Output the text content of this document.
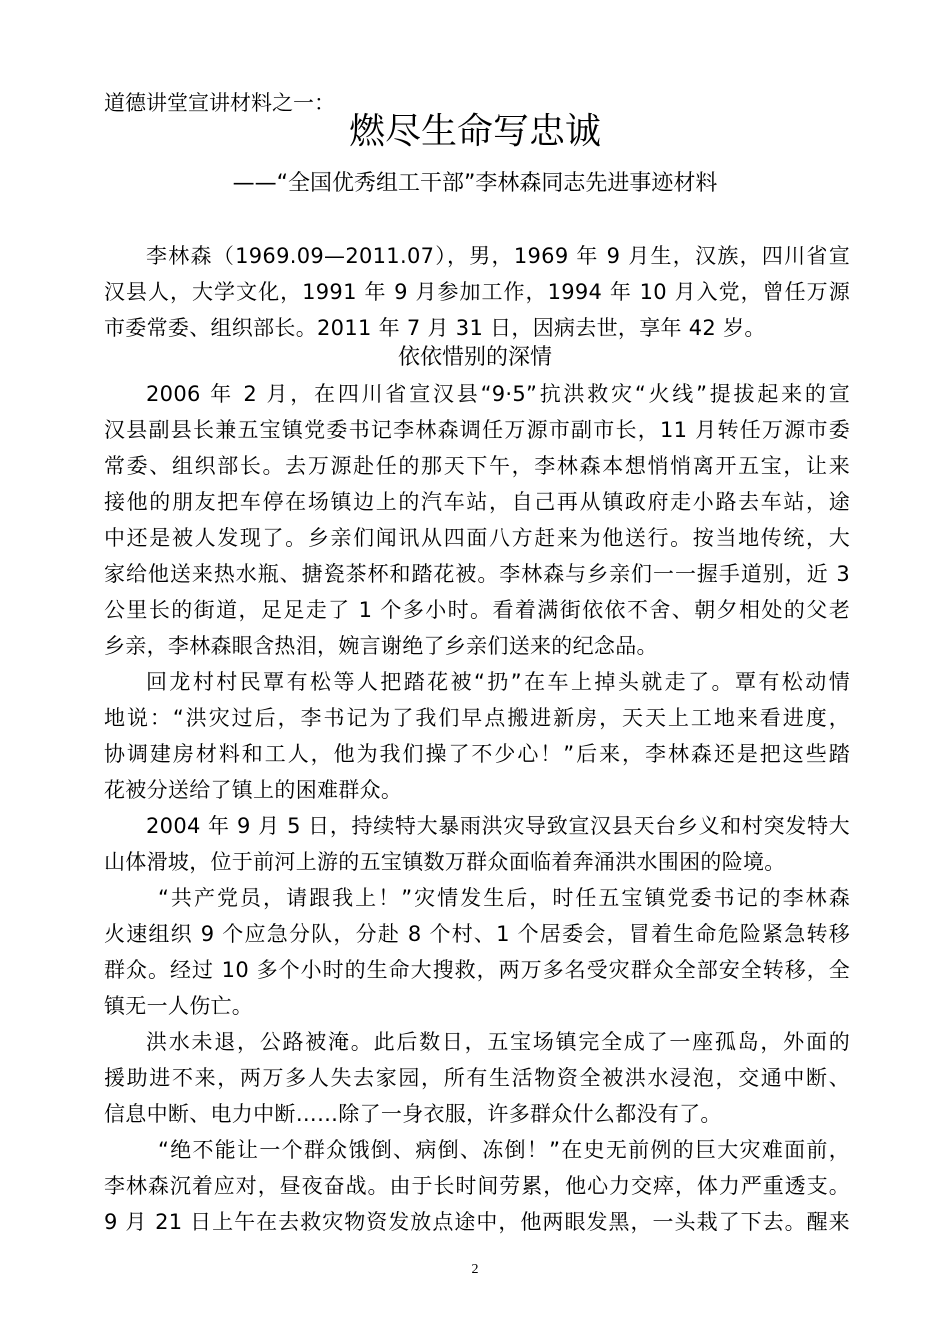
道德讲堂宣讲材料之一：
燃尽生命写忠诚
——“全国优秀组工干部”李林森同志先进事迹材料
李林森（1969.09—2011.07），男，1969 年 9 月生，汉族，四川省宣
汉县人，大学文化，1991 年 9 月参加工作，1994 年 10 月入党，曾任万源
市委常委、组织部长。2011 年 7 月 31 日，因病去世，享年 42 岁。
依依惜别的深情
2006 年 2 月，在四川省宣汉县“9·5”抗洪救灾“火线”提拔起来的宣
汉县副县长兼五宝镇党委书记李林森调任万源市副市长，11 月转任万源市委
常委、组织部长。去万源赴任的那天下午，李林森本想悄悄离开五宝，让来
接他的朋友把车停在场镇边上的汽车站，自己再从镇政府走小路去车站，途
中还是被人发现了。乡亲们闻讯从四面八方赶来为他送行。按当地传统，大
家给他送来热水瓶、搪瓷茶杯和踏花被。李林森与乡亲们一一握手道别，近 3
公里长的街道，足足走了 1 个多小时。看着满街依依不舍、朝夕相处的父老
乡亲，李林森眼含热泪，婉言谢绝了乡亲们送来的纪念品。
回龙村村民覃有松等人把踏花被“扔”在车上掉头就走了。覃有松动情
地说：“洪灾过后，李书记为了我们早点搬进新房，天天上工地来看进度，
协调建房材料和工人，他为我们操了不少心！”后来，李林森还是把这些踏
花被分送给了镇上的困难群众。
2004 年 9 月 5 日，持续特大暴雨洪灾导致宣汉县天台乡义和村突发特大
山体滑坡，位于前河上游的五宝镇数万群众面临着奔涌洪水围困的险境。
“共产党员，请跟我上！”灾情发生后，时任五宝镇党委书记的李林森
火速组织 9 个应急分队，分赴 8 个村、1 个居委会，冒着生命危险紧急转移
群众。经过 10 多个小时的生命大搜救，两万多名受灾群众全部安全转移，全
镇无一人伤亡。
洪水未退，公路被淹。此后数日，五宝场镇完全成了一座孤岛，外面的
援助进不来，两万多人失去家园，所有生活物资全被洪水浸泡，交通中断、
信息中断、电力中断……除了一身衣服，许多群众什么都没有了。
“绝不能让一个群众饿倒、病倒、冻倒！”在史无前例的巨大灾难面前，
李林森沉着应对，昼夜奋战。由于长时间劳累，他心力交瘁，体力严重透支。
9 月 21 日上午在去救灾物资发放点途中，他两眼发黑，一头栽了下去。醒来
2
